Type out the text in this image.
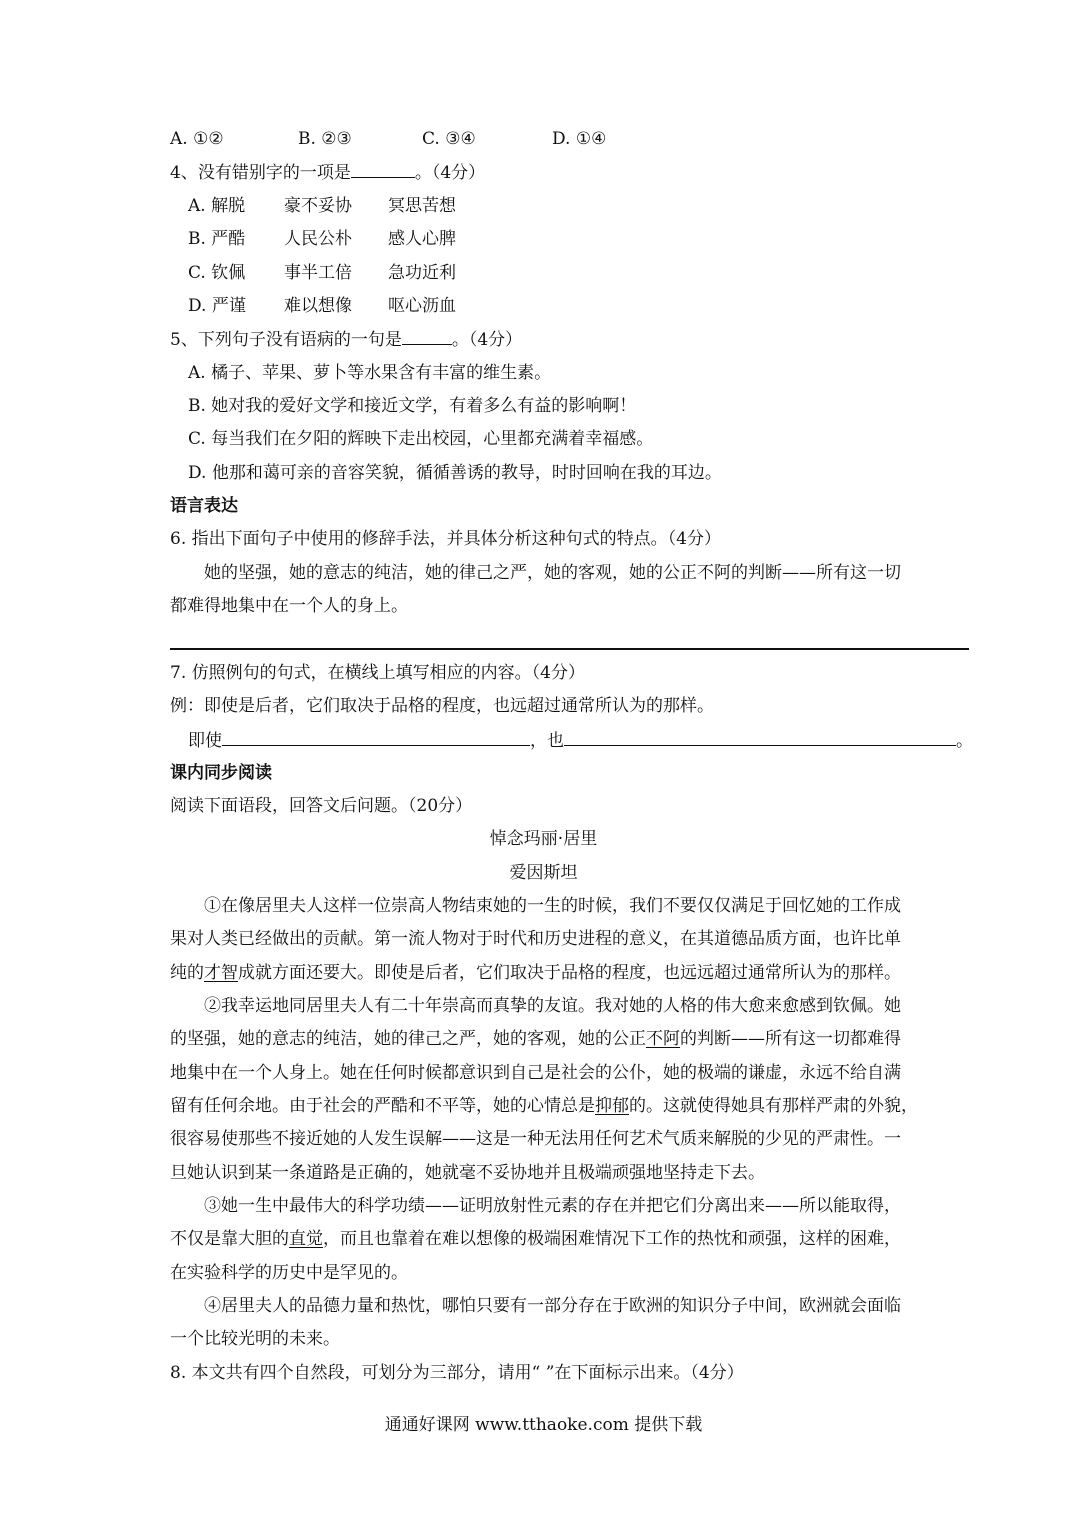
A. ①②	B. ②③	C. ③④	D. ①④
4、没有错别字的一项是	。（4分）
A. 解脱 豪不妥协 冥思苦想
B. 严酷 人民公朴 感人心脾
C. 钦佩 事半工倍 急功近利
D. 严谨 难以想像 呕心沥血
5、下列句子没有语病的一句是	。（4分）
A. 橘子、苹果、萝卜等水果含有丰富的维生素。
B. 她对我的爱好文学和接近文学，有着多么有益的影响啊！
C. 每当我们在夕阳的辉映下走出校园，心里都充满着幸福感。
D. 他那和蔼可亲的音容笑貌，循循善诱的教导，时时回响在我的耳边。
语言表达
6. 指出下面句子中使用的修辞手法，并具体分析这种句式的特点。（4分）
她的坚强，她的意志的纯洁，她的律己之严，她的客观，她的公正不阿的判断——所有这一切
都难得地集中在一个人的身上。
7. 仿照例句的句式，在横线上填写相应的内容。（4分）
例：即使是后者，它们取决于品格的程度，也远超过通常所认为的那样。
即使	，也	。
课内同步阅读
阅读下面语段，回答文后问题。（20分）
悼念玛丽·居里
爱因斯坦
①在像居里夫人这样一位崇高人物结束她的一生的时候，我们不要仅仅满足于回忆她的工作成
果对人类已经做出的贡献。第一流人物对于时代和历史进程的意义，在其道德品质方面，也许比单
纯的才智成就方面还要大。即使是后者，它们取决于品格的程度，也远远超过通常所认为的那样。
②我幸运地同居里夫人有二十年崇高而真挚的友谊。我对她的人格的伟大愈来愈感到钦佩。她
的坚强，她的意志的纯洁，她的律己之严，她的客观，她的公正不阿的判断——所有这一切都难得
地集中在一个人身上。她在任何时候都意识到自己是社会的公仆，她的极端的谦虚，永远不给自满
留有任何余地。由于社会的严酷和不平等，她的心情总是抑郁的。这就使得她具有那样严肃的外貌，
很容易使那些不接近她的人发生误解——这是一种无法用任何艺术气质来解脱的少见的严肃性。一
旦她认识到某一条道路是正确的，她就毫不妥协地并且极端顽强地坚持走下去。
③她一生中最伟大的科学功绩——证明放射性元素的存在并把它们分离出来——所以能取得，
不仅是靠大胆的直觉，而且也靠着在难以想像的极端困难情况下工作的热忱和顽强，这样的困难，
在实验科学的历史中是罕见的。
④居里夫人的品德力量和热忱，哪怕只要有一部分存在于欧洲的知识分子中间，欧洲就会面临
一个比较光明的未来。
8. 本文共有四个自然段，可划分为三部分，请用“ ”在下面标示出来。（4分）
通通好课网 www.tthaoke.com 提供下载
